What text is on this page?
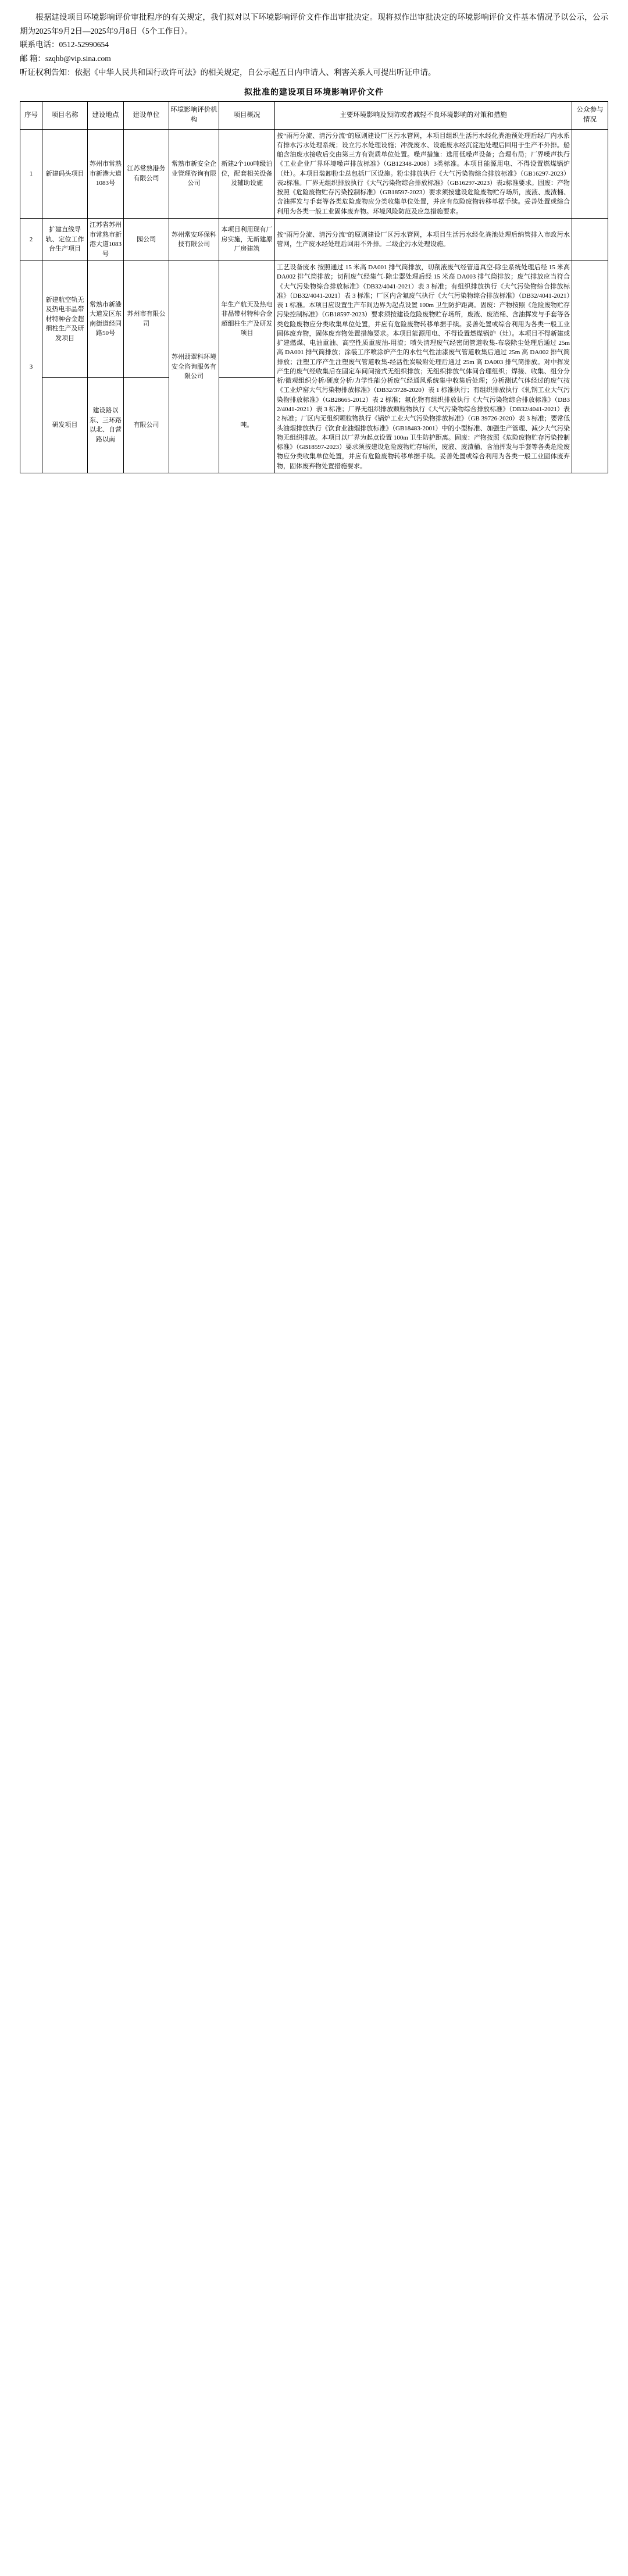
根据建设项目环境影响评价审批程序的有关规定，我们拟对以下环境影响评价文件作出审批决定。现将拟作出审批决定的环境影响评价文件基本情况予以公示，公示期为2025年9月2日—2025年9月8日（5个工作日）。

联系电话：0512-52990654

邮 箱：szqhb@vip.sina.com

听证权利告知：依据《中华人民共和国行政许可法》的相关规定，自公示起五日内申请人、利害关系人可提出听证申请。

拟批准的建设项目环境影响评价文件
序号	项目名称	建设地点	建设单位	环境影响评价机构	项目概况	主要环境影响及预防或者减轻不良环境影响的对策和措施	公众参与情况
1	新建码头项目	苏州市常熟市新港大道1083号	江苏常熟港务有限公司	常熟市新安全企业管理咨询有限公司	新建2个100吨级泊位，配套相关设备及辅助设施	按“雨污分流、清污分流”的原则建设厂区污水管网，本项目组织生活污水经化粪池预处理后经厂内水系有排水污水处理系统；设立污水处理设施；冲洗废水、设施废水经沉淀池处理后回用于生产不外排。船舶含油废水接收后交由第三方有资质单位处置。噪声措施：选用低噪声设备；合理布局；厂界噪声执行《工业企业厂界环境噪声排放标准》（GB12348-2008）3类标准。本项目能源用电、不得设置燃煤锅炉（灶）。本项目装卸粉尘总包括厂区设施。粉尘排放执行《大气污染物综合排放标准》（GB16297-2023）表2标准。厂界无组织排放执行《大气污染物综合排放标准》（GB16297-2023）表2标准要求。固废：产物按照《危险废物贮存污染控制标准》（GB18597-2023）要求须按建设危险废物贮存场所，废液、废渣桶、含油挥发与手套等各类危险废物应分类收集单位处置，并应有危险废物转移单据手续。妥善处置或综合利用为各类一般工业固体废弃物。环境风险防范及应急措施要求。	
2	扩建直线导轨、定位工作台生产项目	江苏省苏州市常熟市新港大道1083号	园公司	苏州常安环保科技有限公司	本项目利用现有厂房实施，无新建原厂房建筑	按“雨污分流、清污分流”的原则建设厂区污水管网，本项目生活污水经化粪池处理后纳管排入市政污水管网，生产废水经处理后回用不外排。二级企污水处理设施。	
3	新建航空轨无及热电非晶带材特种合金超细柱生产及研发项目	常熟市新港大道发区东南街道经同路50号	苏州市有限公司	苏州翡翠科环境安全咨询服务有限公司	年生产航天及热电非晶带材特种合金超细柱生产及研发项目	工艺设备废水 按照通过 15 米高 DA001 排气筒排放，切削液废气经管道真空-除尘系统处理后经 15 米高 DA002 排气筒排放；切削废气经集气-除尘器处理后经 15 米高 DA003 排气筒排放；废气排放应当符合《大气污染物综合排放标准》（DB32/4041-2021）表 3 标准；有组织排放执行《大气污染物综合排放标准》（DB32/4041-2021）表 3 标准；厂区内含氟废气执行《大气污染物综合排放标准》（DB32/4041-2021）表 1 标准。本项目应设置生产车间边界为起点设置 100m 卫生防护距离。固废：产物按照《危险废物贮存污染控制标准》（GB18597-2023）要求须按建设危险废物贮存场所，废液、废渣桶、含油挥发与手套等各类危险废物应分类收集单位处置，并应有危险废物转移单据手续。妥善处置或综合利用为各类一般工业固体废弃物，固体废弃物处置措施要求。本项目能源用电、不得设置燃煤锅炉（灶）。本项目不得新建或扩建燃煤、电油重油、高空性质重废油-用渣；喷失清理废气经密闭管道收集-布袋除尘处理后通过 25m 高 DA001 排气筒排放；涂装工序喷涂炉产生的水性气性油漆废气管道收集后通过 25m 高 DA002 排气筒排放；注塑工序产生注塑废气管道收集-经活性炭吸附处理后通过 25m 高 DA003 排气筒排放。对中挥发产生的废气经收集后在固定车间间接式无组织排放；无组织排放气体间合理组织；焊接、收集、组分分析/微观组织分析/硬度分析/力学性能分析废气经通风系统集中收集后处理；分析测试气体经过的废气按《工业炉窑大气污染物排放标准》（DB32/3728-2020）表 1 标准执行；有组织排放执行《轧钢工业大气污染物排放标准》（GB28665-2012）表 2 标准；氟化物有组织排放执行《大气污染物综合排放标准》（DB32/4041-2021）表 3 标准；厂界无组织排放颗粒物执行《大气污染物综合排放标准》（DB32/4041-2021）表 2 标准；厂区内无组织颗粒物执行《锅炉工业大气污染物排放标准》（GB 39726-2020）表 3 标准；要常低头油烟排放执行《饮食业油烟排放标准》（GB18483-2001）中的小型标准、加强生产管理、减少大气污染物无组织排放。本项目以厂界为起点设置 100m 卫生防护距离。固废：产物按照《危险废物贮存污染控制标准》（GB18597-2023）要求须按建设危险废物贮存场所，废液、废渣桶、含油挥发与手套等各类危险废物应分类收集单位处置，并应有危险废物转移单据手续。妥善处置或综合利用为各类一般工业固体废弃物，固体废弃物处置措施要求。	
	研发项目	建设路以东、三环路以北、自营路以南	有限公司		吨。		
